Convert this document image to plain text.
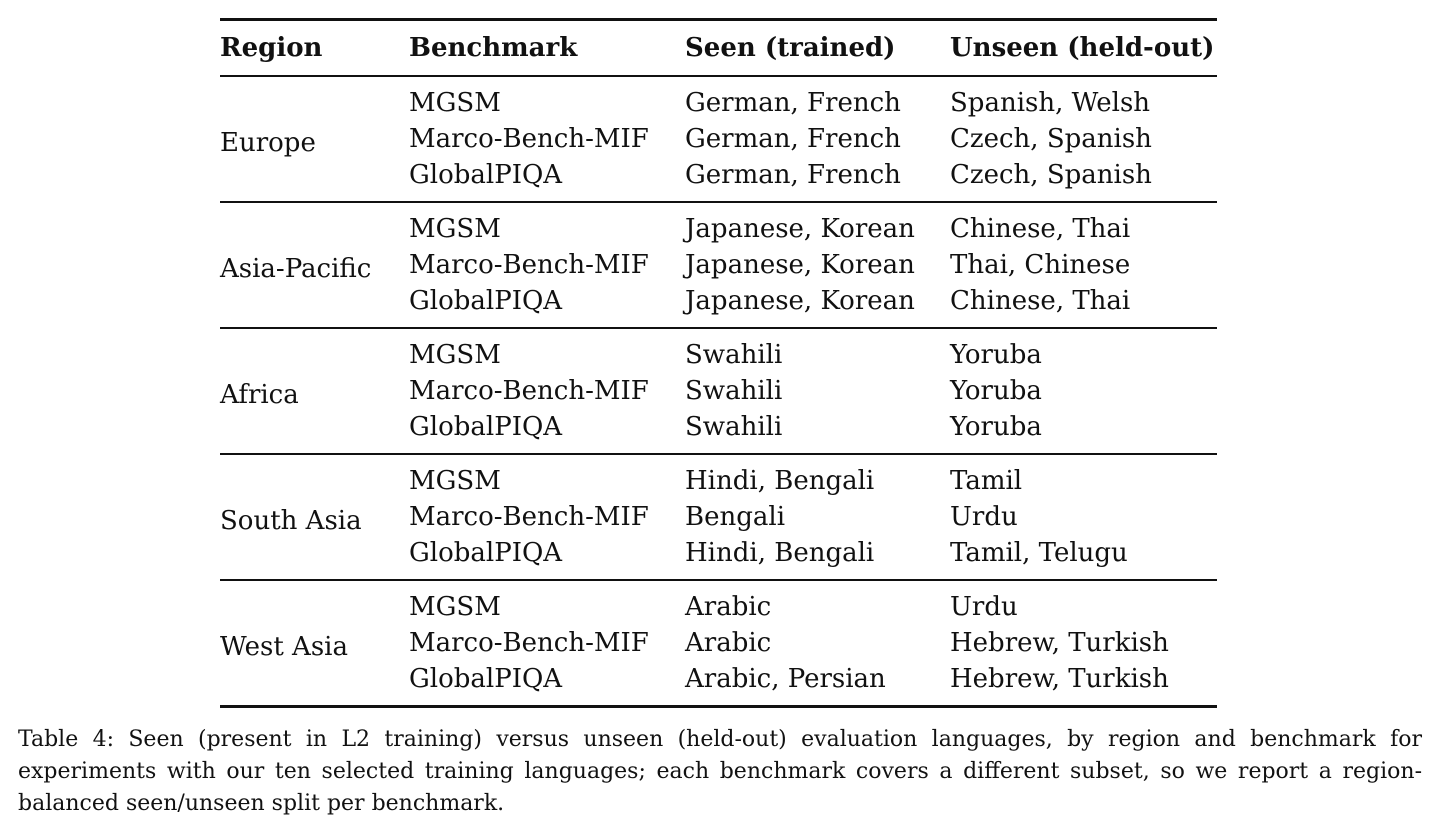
Region	Benchmark	Seen (trained)	Unseen (held-out)
Europe	MGSM	German, French	Spanish, Welsh
	Marco-Bench-MIF	German, French	Czech, Spanish
	GlobalPIQA	German, French	Czech, Spanish
Asia-Pacific	MGSM	Japanese, Korean	Chinese, Thai
	Marco-Bench-MIF	Japanese, Korean	Thai, Chinese
	GlobalPIQA	Japanese, Korean	Chinese, Thai
Africa	MGSM	Swahili	Yoruba
	Marco-Bench-MIF	Swahili	Yoruba
	GlobalPIQA	Swahili	Yoruba
South Asia	MGSM	Hindi, Bengali	Tamil
	Marco-Bench-MIF	Bengali	Urdu
	GlobalPIQA	Hindi, Bengali	Tamil, Telugu
West Asia	MGSM	Arabic	Urdu
	Marco-Bench-MIF	Arabic	Hebrew, Turkish
	GlobalPIQA	Arabic, Persian	Hebrew, Turkish
Table 4: Seen (present in L2 training) versus unseen (held-out) evaluation languages, by region and benchmark for experiments with our ten selected training languages; each benchmark covers a different subset, so we report a region-balanced seen/unseen split per benchmark.
